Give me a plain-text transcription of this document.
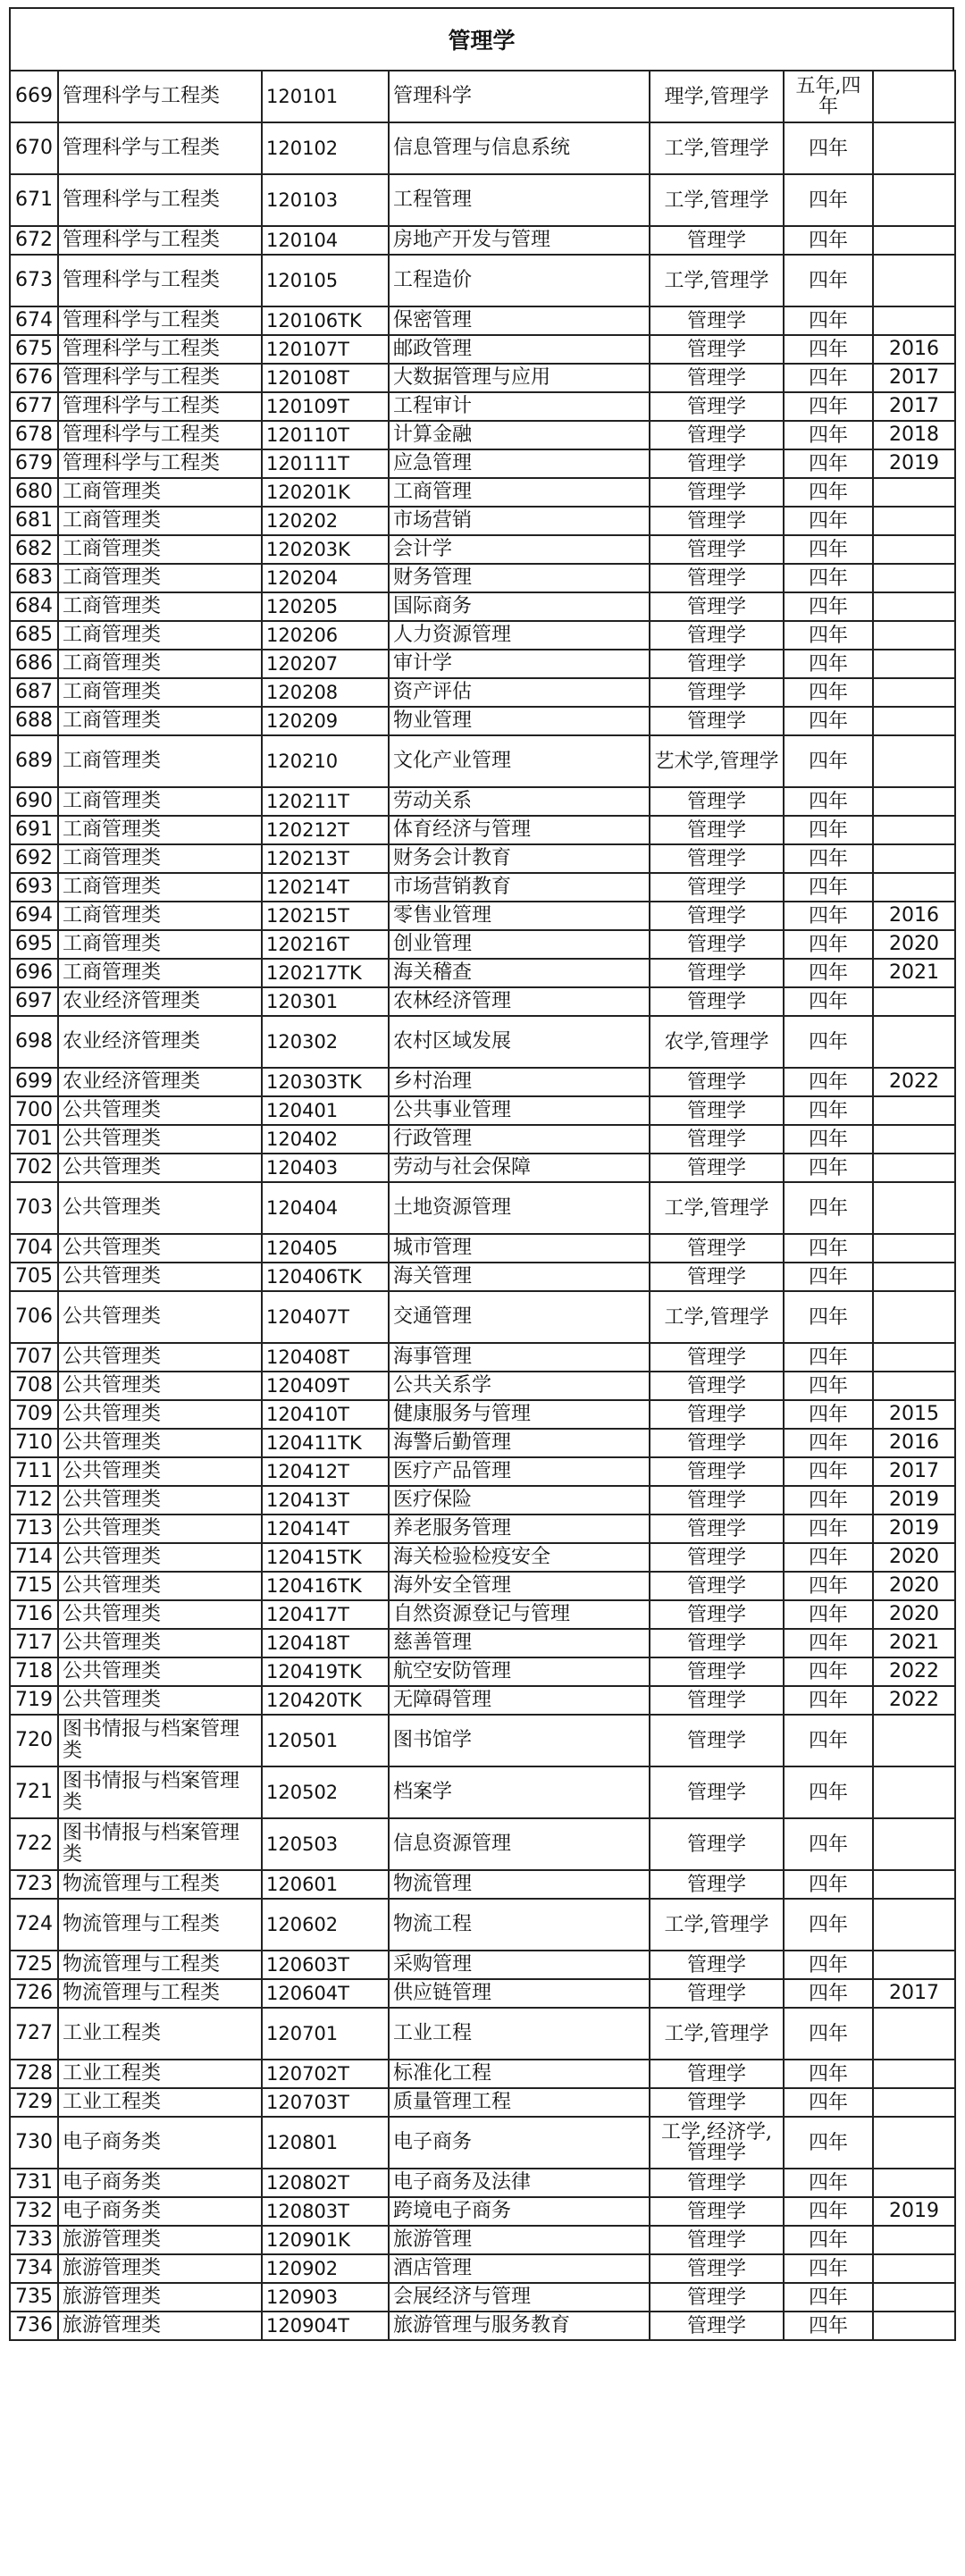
管理学
669	管理科学与工程类	120101	管理科学	理学,管理学	五年,四年	
670	管理科学与工程类	120102	信息管理与信息系统	工学,管理学	四年	
671	管理科学与工程类	120103	工程管理	工学,管理学	四年	
672	管理科学与工程类	120104	房地产开发与管理	管理学	四年	
673	管理科学与工程类	120105	工程造价	工学,管理学	四年	
674	管理科学与工程类	120106TK	保密管理	管理学	四年	
675	管理科学与工程类	120107T	邮政管理	管理学	四年	2016
676	管理科学与工程类	120108T	大数据管理与应用	管理学	四年	2017
677	管理科学与工程类	120109T	工程审计	管理学	四年	2017
678	管理科学与工程类	120110T	计算金融	管理学	四年	2018
679	管理科学与工程类	120111T	应急管理	管理学	四年	2019
680	工商管理类	120201K	工商管理	管理学	四年	
681	工商管理类	120202	市场营销	管理学	四年	
682	工商管理类	120203K	会计学	管理学	四年	
683	工商管理类	120204	财务管理	管理学	四年	
684	工商管理类	120205	国际商务	管理学	四年	
685	工商管理类	120206	人力资源管理	管理学	四年	
686	工商管理类	120207	审计学	管理学	四年	
687	工商管理类	120208	资产评估	管理学	四年	
688	工商管理类	120209	物业管理	管理学	四年	
689	工商管理类	120210	文化产业管理	艺术学,管理学	四年	
690	工商管理类	120211T	劳动关系	管理学	四年	
691	工商管理类	120212T	体育经济与管理	管理学	四年	
692	工商管理类	120213T	财务会计教育	管理学	四年	
693	工商管理类	120214T	市场营销教育	管理学	四年	
694	工商管理类	120215T	零售业管理	管理学	四年	2016
695	工商管理类	120216T	创业管理	管理学	四年	2020
696	工商管理类	120217TK	海关稽查	管理学	四年	2021
697	农业经济管理类	120301	农林经济管理	管理学	四年	
698	农业经济管理类	120302	农村区域发展	农学,管理学	四年	
699	农业经济管理类	120303TK	乡村治理	管理学	四年	2022
700	公共管理类	120401	公共事业管理	管理学	四年	
701	公共管理类	120402	行政管理	管理学	四年	
702	公共管理类	120403	劳动与社会保障	管理学	四年	
703	公共管理类	120404	土地资源管理	工学,管理学	四年	
704	公共管理类	120405	城市管理	管理学	四年	
705	公共管理类	120406TK	海关管理	管理学	四年	
706	公共管理类	120407T	交通管理	工学,管理学	四年	
707	公共管理类	120408T	海事管理	管理学	四年	
708	公共管理类	120409T	公共关系学	管理学	四年	
709	公共管理类	120410T	健康服务与管理	管理学	四年	2015
710	公共管理类	120411TK	海警后勤管理	管理学	四年	2016
711	公共管理类	120412T	医疗产品管理	管理学	四年	2017
712	公共管理类	120413T	医疗保险	管理学	四年	2019
713	公共管理类	120414T	养老服务管理	管理学	四年	2019
714	公共管理类	120415TK	海关检验检疫安全	管理学	四年	2020
715	公共管理类	120416TK	海外安全管理	管理学	四年	2020
716	公共管理类	120417T	自然资源登记与管理	管理学	四年	2020
717	公共管理类	120418T	慈善管理	管理学	四年	2021
718	公共管理类	120419TK	航空安防管理	管理学	四年	2022
719	公共管理类	120420TK	无障碍管理	管理学	四年	2022
720	图书情报与档案管理类	120501	图书馆学	管理学	四年	
721	图书情报与档案管理类	120502	档案学	管理学	四年	
722	图书情报与档案管理类	120503	信息资源管理	管理学	四年	
723	物流管理与工程类	120601	物流管理	管理学	四年	
724	物流管理与工程类	120602	物流工程	工学,管理学	四年	
725	物流管理与工程类	120603T	采购管理	管理学	四年	
726	物流管理与工程类	120604T	供应链管理	管理学	四年	2017
727	工业工程类	120701	工业工程	工学,管理学	四年	
728	工业工程类	120702T	标准化工程	管理学	四年	
729	工业工程类	120703T	质量管理工程	管理学	四年	
730	电子商务类	120801	电子商务	工学,经济学,管理学	四年	
731	电子商务类	120802T	电子商务及法律	管理学	四年	
732	电子商务类	120803T	跨境电子商务	管理学	四年	2019
733	旅游管理类	120901K	旅游管理	管理学	四年	
734	旅游管理类	120902	酒店管理	管理学	四年	
735	旅游管理类	120903	会展经济与管理	管理学	四年	
736	旅游管理类	120904T	旅游管理与服务教育	管理学	四年	
